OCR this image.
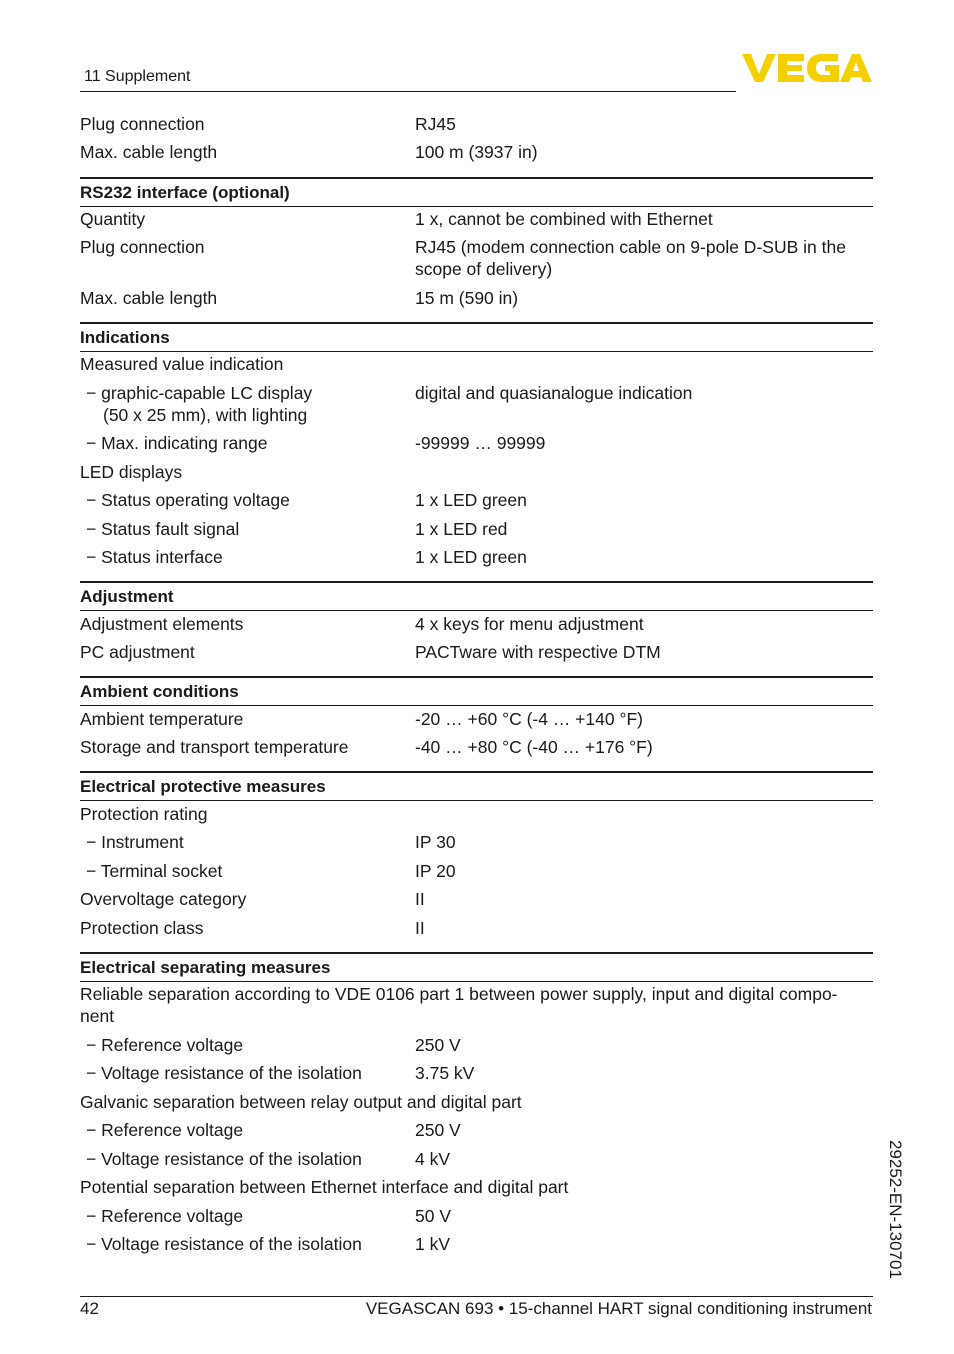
11 Supplement
Plug connection	RJ45
Max. cable length	100 m (3937 in)
RS232 interface (optional)
Quantity	1 x, cannot be combined with Ethernet
Plug connection	RJ45 (modem connection cable on 9-pole D-SUB in the
scope of delivery)
Max. cable length	15 m (590 in)
Indications
Measured value indication
− graphic-capable LC display	digital and quasianalogue indication
(50 x 25 mm), with lighting
− Max. indicating range	-99999 … 99999
LED displays
− Status operating voltage	1 x LED green
− Status fault signal	1 x LED red
− Status interface	1 x LED green
Adjustment
Adjustment elements	4 x keys for menu adjustment
PC adjustment	PACTware with respective DTM
Ambient conditions
Ambient temperature	-20 … +60 °C (-4 … +140 °F)
Storage and transport temperature	-40 … +80 °C (-40 … +176 °F)
Electrical protective measures
Protection rating
− Instrument	IP 30
− Terminal socket	IP 20
Overvoltage category	II
Protection class	II
Electrical separating measures
Reliable separation according to VDE 0106 part 1 between power supply, input and digital compo-
nent
− Reference voltage	250 V
− Voltage resistance of the isolation	3.75 kV
Galvanic separation between relay output and digital part
− Reference voltage	250 V
− Voltage resistance of the isolation	4 kV
Potential separation between Ethernet interface and digital part
− Reference voltage	50 V
− Voltage resistance of the isolation	1 kV	29252-EN-130701
42	VEGASCAN 693 • 15-channel HART signal conditioning instrument
